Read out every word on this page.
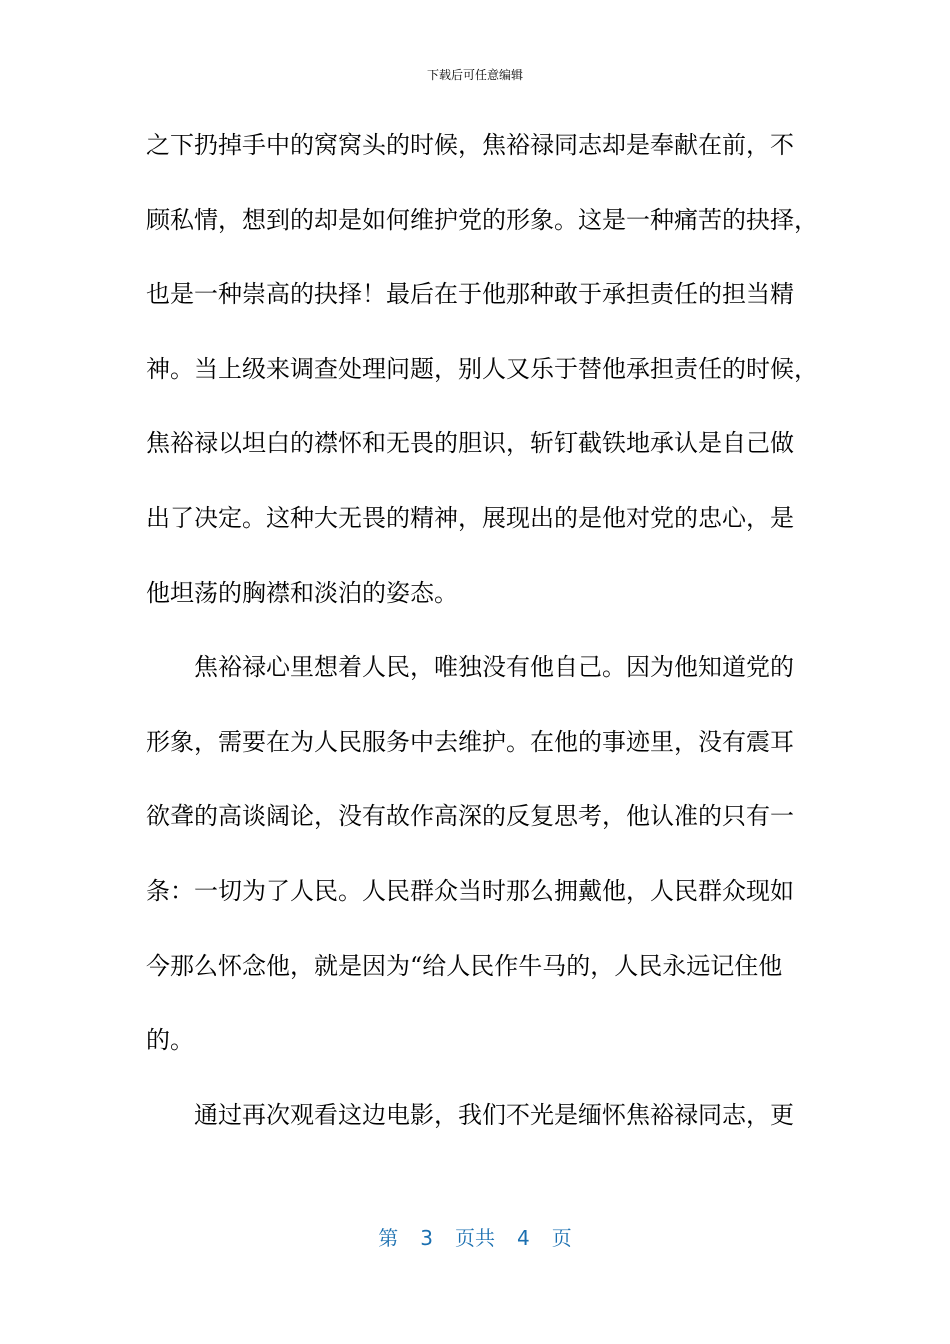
下载后可任意编辑
之下扔掉手中的窝窝头的时候，焦裕禄同志却是奉献在前，不
顾私情，想到的却是如何维护党的形象。这是一种痛苦的抉择，
也是一种崇高的抉择！最后在于他那种敢于承担责任的担当精
神。当上级来调查处理问题，别人又乐于替他承担责任的时候，
焦裕禄以坦白的襟怀和无畏的胆识，斩钉截铁地承认是自己做
出了决定。这种大无畏的精神，展现出的是他对党的忠心，是
他坦荡的胸襟和淡泊的姿态。
焦裕禄心里想着人民，唯独没有他自己。因为他知道党的
形象，需要在为人民服务中去维护。在他的事迹里，没有震耳
欲聋的高谈阔论，没有故作高深的反复思考，他认准的只有一
条：一切为了人民。人民群众当时那么拥戴他，人民群众现如
今那么怀念他，就是因为“给人民作牛马的，人民永远记住他
的。
通过再次观看这边电影，我们不光是缅怀焦裕禄同志，更
第 3 页共 4 页
